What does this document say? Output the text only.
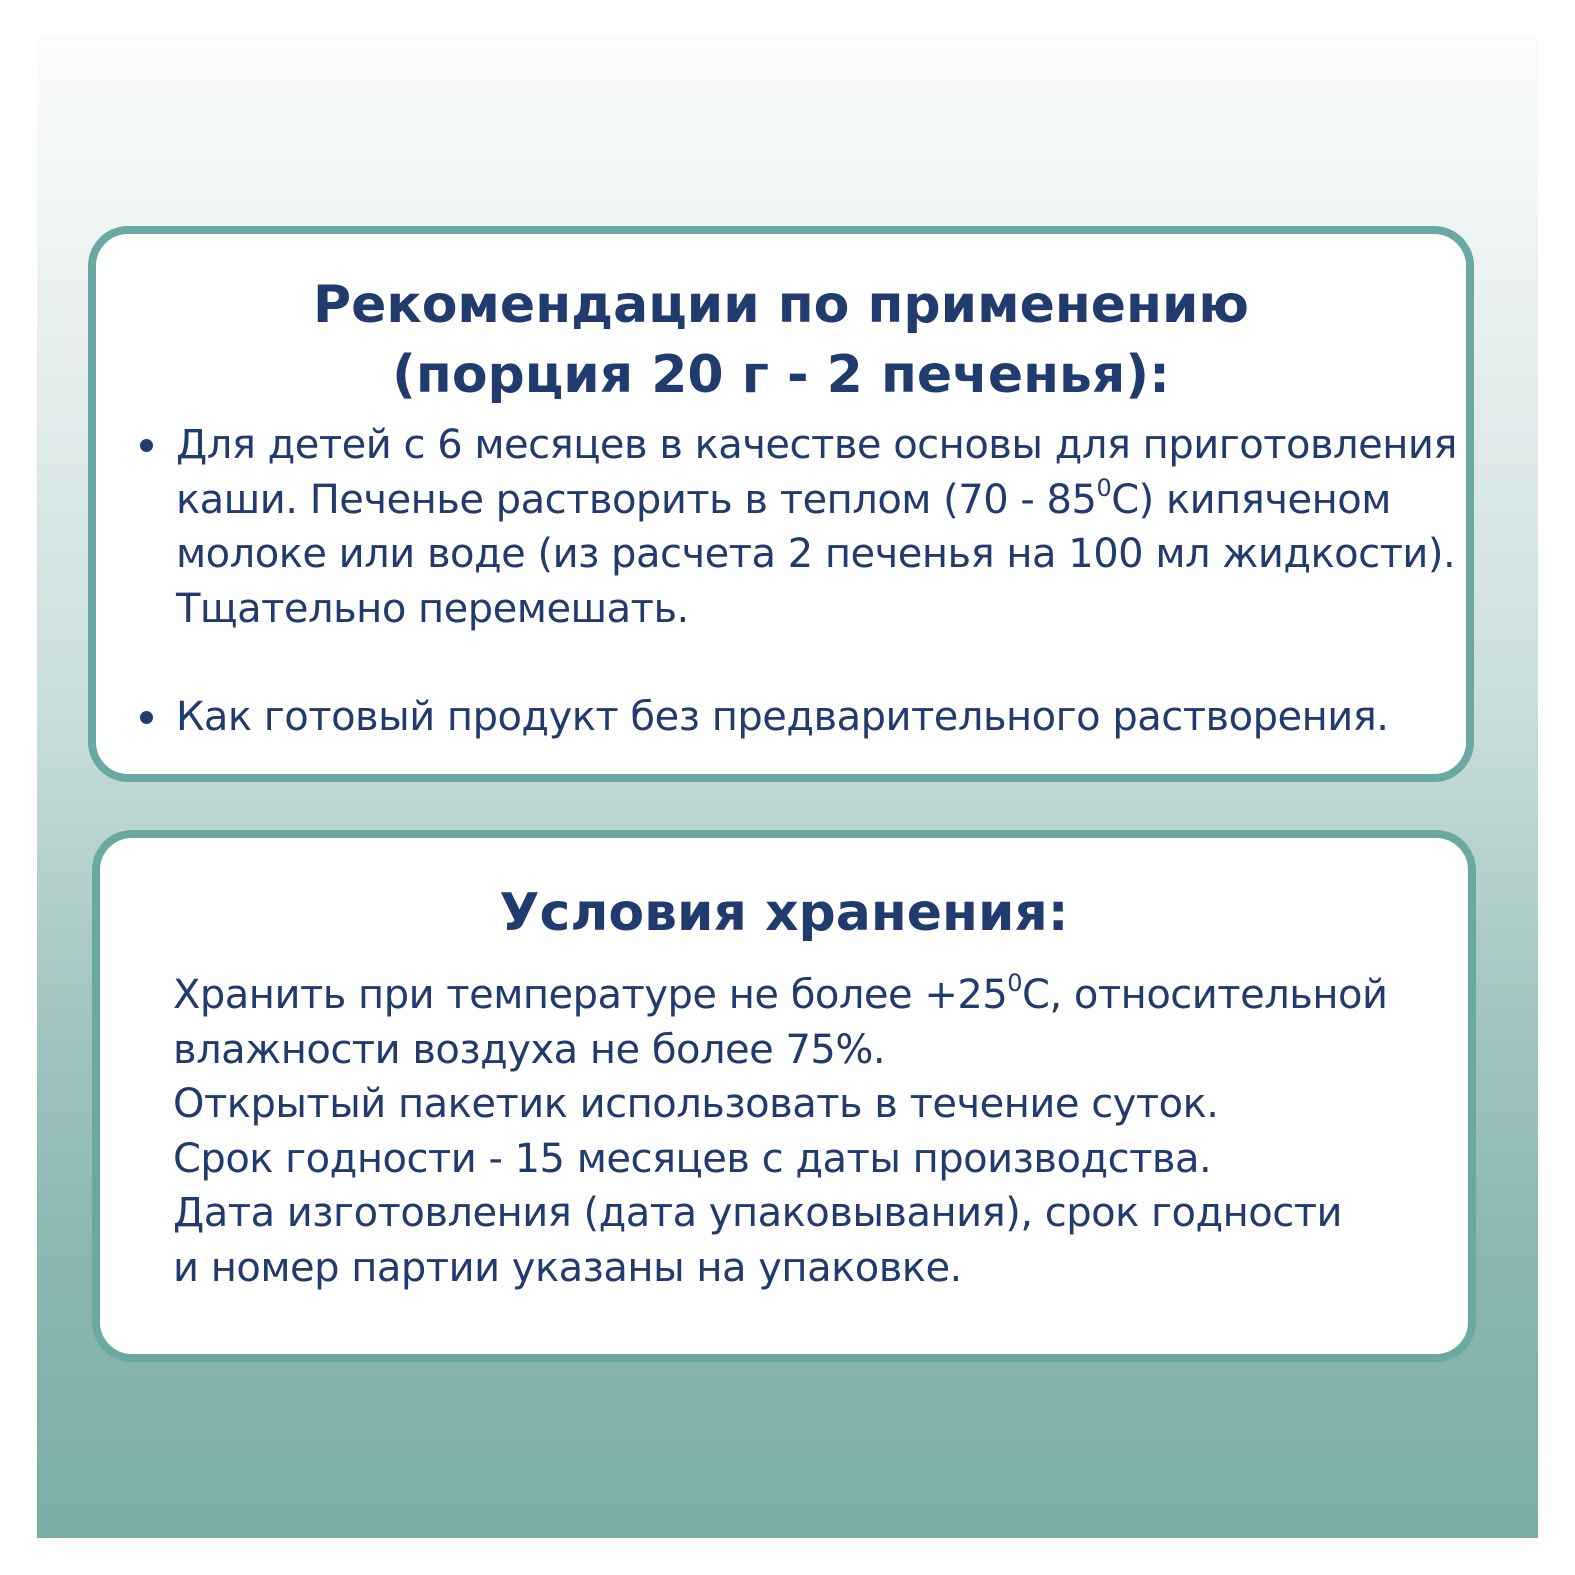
Рекомендации по применению
(порция 20 г - 2 печенья):
Для детей с 6 месяцев в качестве основы для приготовления
каши. Печенье растворить в теплом $(70 - 85^0С)$ кипяченом
молоке или воде (из расчета 2 печенья на 100 мл жидкости).
Тщательно перемешать.
Как готовый продукт без предварительного растворения.
Условия хранения:
Хранить при температуре не более $+25^0С$, относительной
влажности воздуха не более 75%.
Открытый пакетик использовать в течение суток.
Срок годности - 15 месяцев с даты производства.
Дата изготовления (дата упаковывания), срок годности
и номер партии указаны на упаковке.
